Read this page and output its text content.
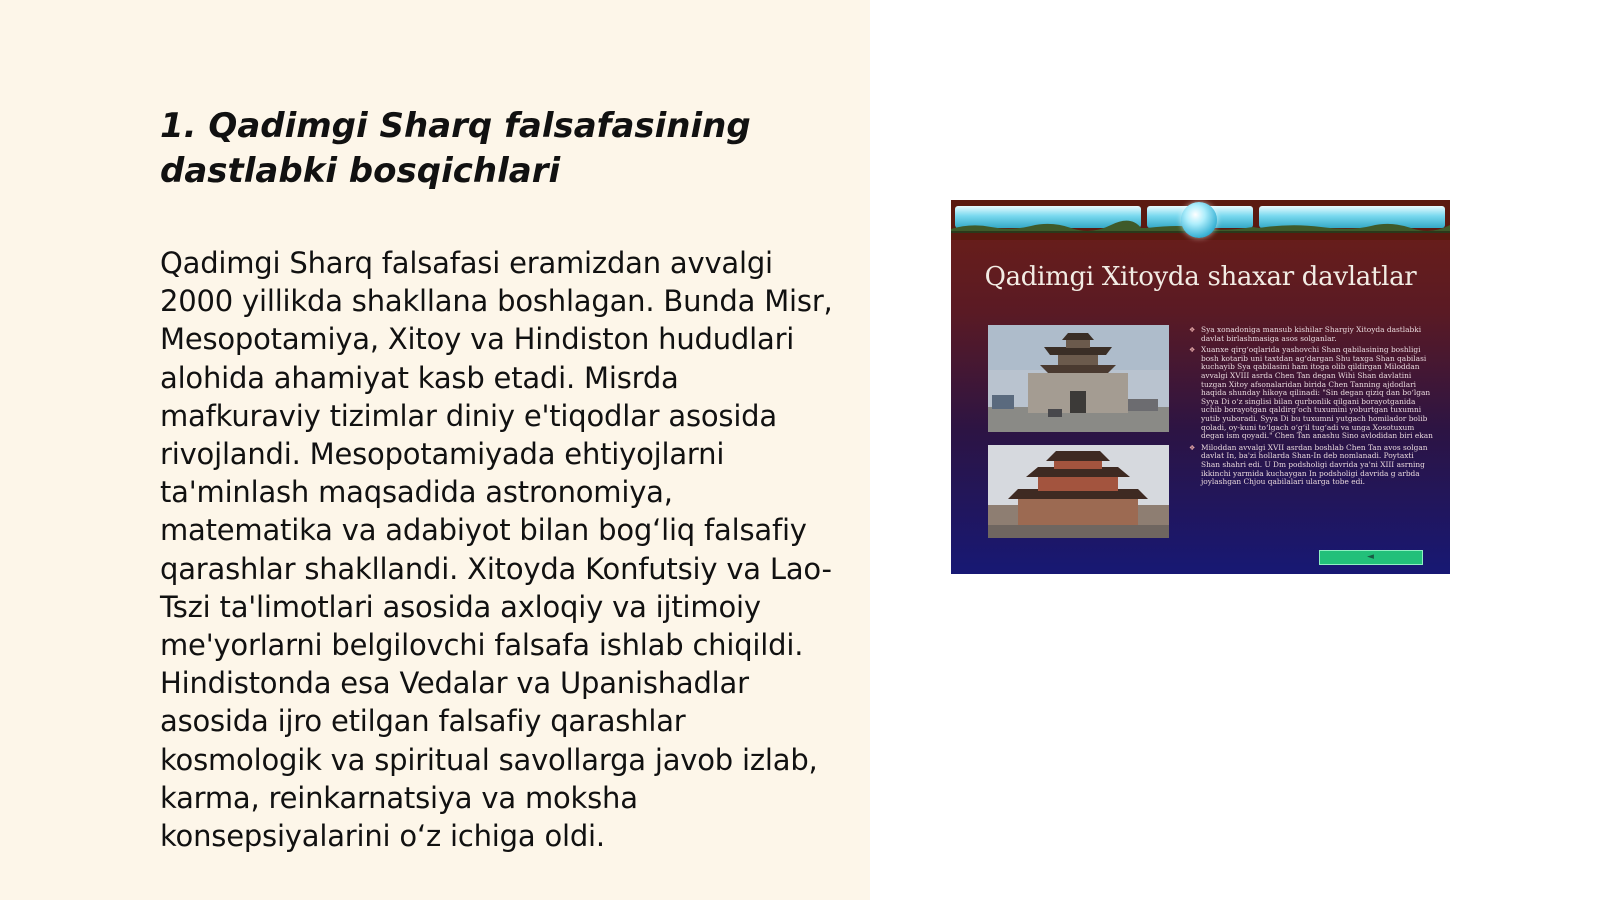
1. Qadimgi Sharq falsafasining dastlabki bosqichlari

Qadimgi Sharq falsafasi eramizdan avvalgi 2000 yillikda shakllana boshlagan. Bunda Misr, Mesopotamiya, Xitoy va Hindiston hududlari alohida ahamiyat kasb etadi. Misrda mafkuraviy tizimlar diniy e'tiqodlar asosida rivojlandi. Mesopotamiyada ehtiyojlarni ta'minlash maqsadida astronomiya, matematika va adabiyot bilan bog‘liq falsafiy qarashlar shakllandi. Xitoyda Konfutsiy va Lao-Tszi ta'limotlari asosida axloqiy va ijtimoiy me'yorlarni belgilovchi falsafa ishlab chiqildi. Hindistonda esa Vedalar va Upanishadlar asosida ijro etilgan falsafiy qarashlar kosmologik va spiritual savollarga javob izlab, karma, reinkarnatsiya va moksha konsepsiyalarini o‘z ichiga oldi.

Qadimgi Xitoyda shaxar davlatlar
❖ Sya xonadoniga mansub kishilar Shargiy Xitoyda dastlabki davlat birlashmasiga asos solganlar.
❖ Xuanxe qirg‘oqlarida yashovchi Shan qabilasining boshligi bosh kotarib uni taxtdan ag‘dargan Shu taxga Shan qabilasi kuchayib Sya qabilasini ham itoga olib qildirgan Miloddan avvalgi XVIII asrda Chen Tan degan Wihi Shan davlatini tuzgan Xitoy afsonalaridan birida Chen Tanning ajdodlari haqida shunday hikoya qilinadi: "Sin degan qiziq dan bo‘lgan Syya Di o‘z singlisi bilan qurbonlik qilgani borayotganida uchib borayotgan qaldirg‘och tuxumini yoburtgan tuxumni yutib yuboradi. Syya Di bu tuxumni yutgach homilador bolib qoladi, oy-kuni to‘lgach o‘g‘il tug‘adi va unga Xosotuxum degan ism qoyadi." Chen Tan anashu Sino avlodidan biri ekan
❖ Miloddan avvalgi XVII asrdan boshlab Chen Tan avos solgan davlat In, ba'zi hollarda Shan-In deb nomlanadi. Poytaxti Shan shahri edi. U Dm podsholigi davrida ya'ni XIII asrning ikkinchi yarmida kuchaygan In podsholigi davrida g arbda joylashgan Chjou qabilalari ularga tobe edi.
◄
